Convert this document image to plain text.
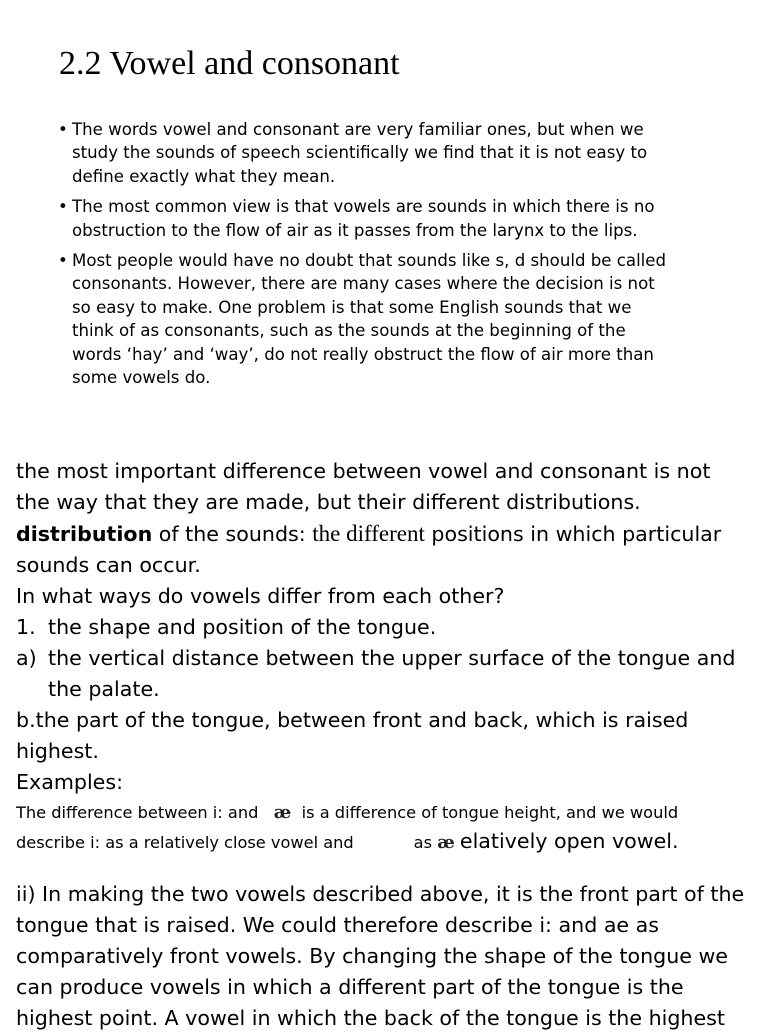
2.2 Vowel and consonant
• The words vowel and consonant are very familiar ones, but when we
study the sounds of speech scientifically we find that it is not easy to
define exactly what they mean.
• The most common view is that vowels are sounds in which there is no
obstruction to the flow of air as it passes from the larynx to the lips.
• Most people would have no doubt that sounds like s, d should be called
consonants. However, there are many cases where the decision is not
so easy to make. One problem is that some English sounds that we
think of as consonants, such as the sounds at the beginning of the
words ‘hay’ and ‘way’, do not really obstruct the flow of air more than
some vowels do.

the most important difference between vowel and consonant is not

the way that they are made, but their different distributions.

distribution of the sounds: the different positions in which particular

sounds can occur.

In what ways do vowels differ from each other?

1. the shape and position of the tongue.

a) the vertical distance between the upper surface of the tongue and

the palate.

b.the part of the tongue, between front and back, which is raised

highest.

Examples:

The difference between i: and æ is a difference of tongue height, and we would

describe i: as a relatively close vowel and	as æ elatively open vowel.

ii) In making the two vowels described above, it is the front part of the

tongue that is raised. We could therefore describe i: and ae as

comparatively front vowels. By changing the shape of the tongue we

can produce vowels in which a different part of the tongue is the

highest point. A vowel in which the back of the tongue is the highest
